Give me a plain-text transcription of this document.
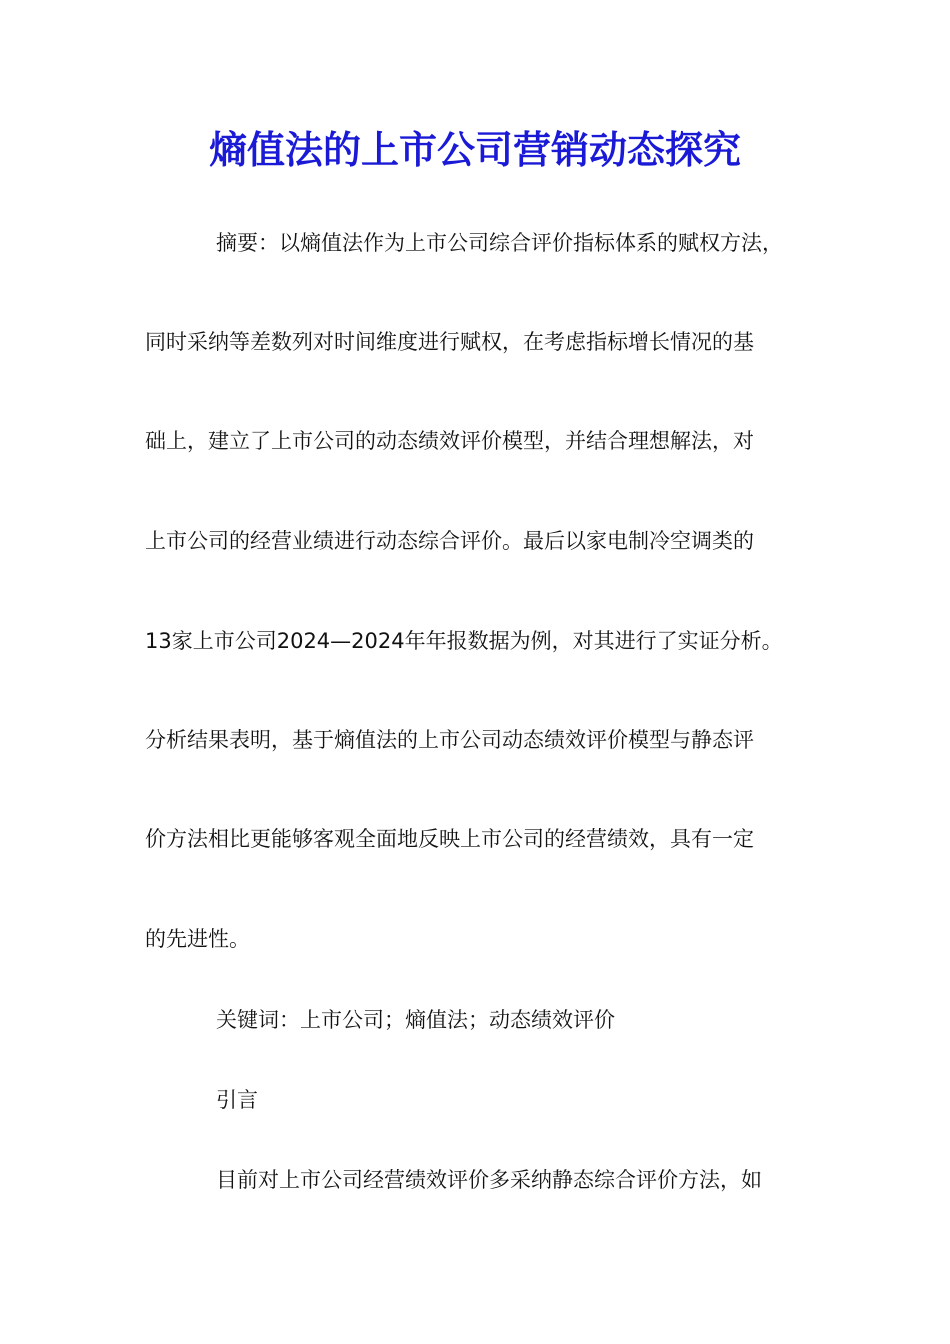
熵值法的上市公司营销动态探究

摘要：以熵值法作为上市公司综合评价指标体系的赋权方法，

同时采纳等差数列对时间维度进行赋权，在考虑指标增长情况的基

础上，建立了上市公司的动态绩效评价模型，并结合理想解法，对

上市公司的经营业绩进行动态综合评价。最后以家电制冷空调类的

13家上市公司2024—2024年年报数据为例，对其进行了实证分析。

分析结果表明，基于熵值法的上市公司动态绩效评价模型与静态评

价方法相比更能够客观全面地反映上市公司的经营绩效，具有一定

的先进性。

关键词：上市公司；熵值法；动态绩效评价

引言

目前对上市公司经营绩效评价多采纳静态综合评价方法，如
